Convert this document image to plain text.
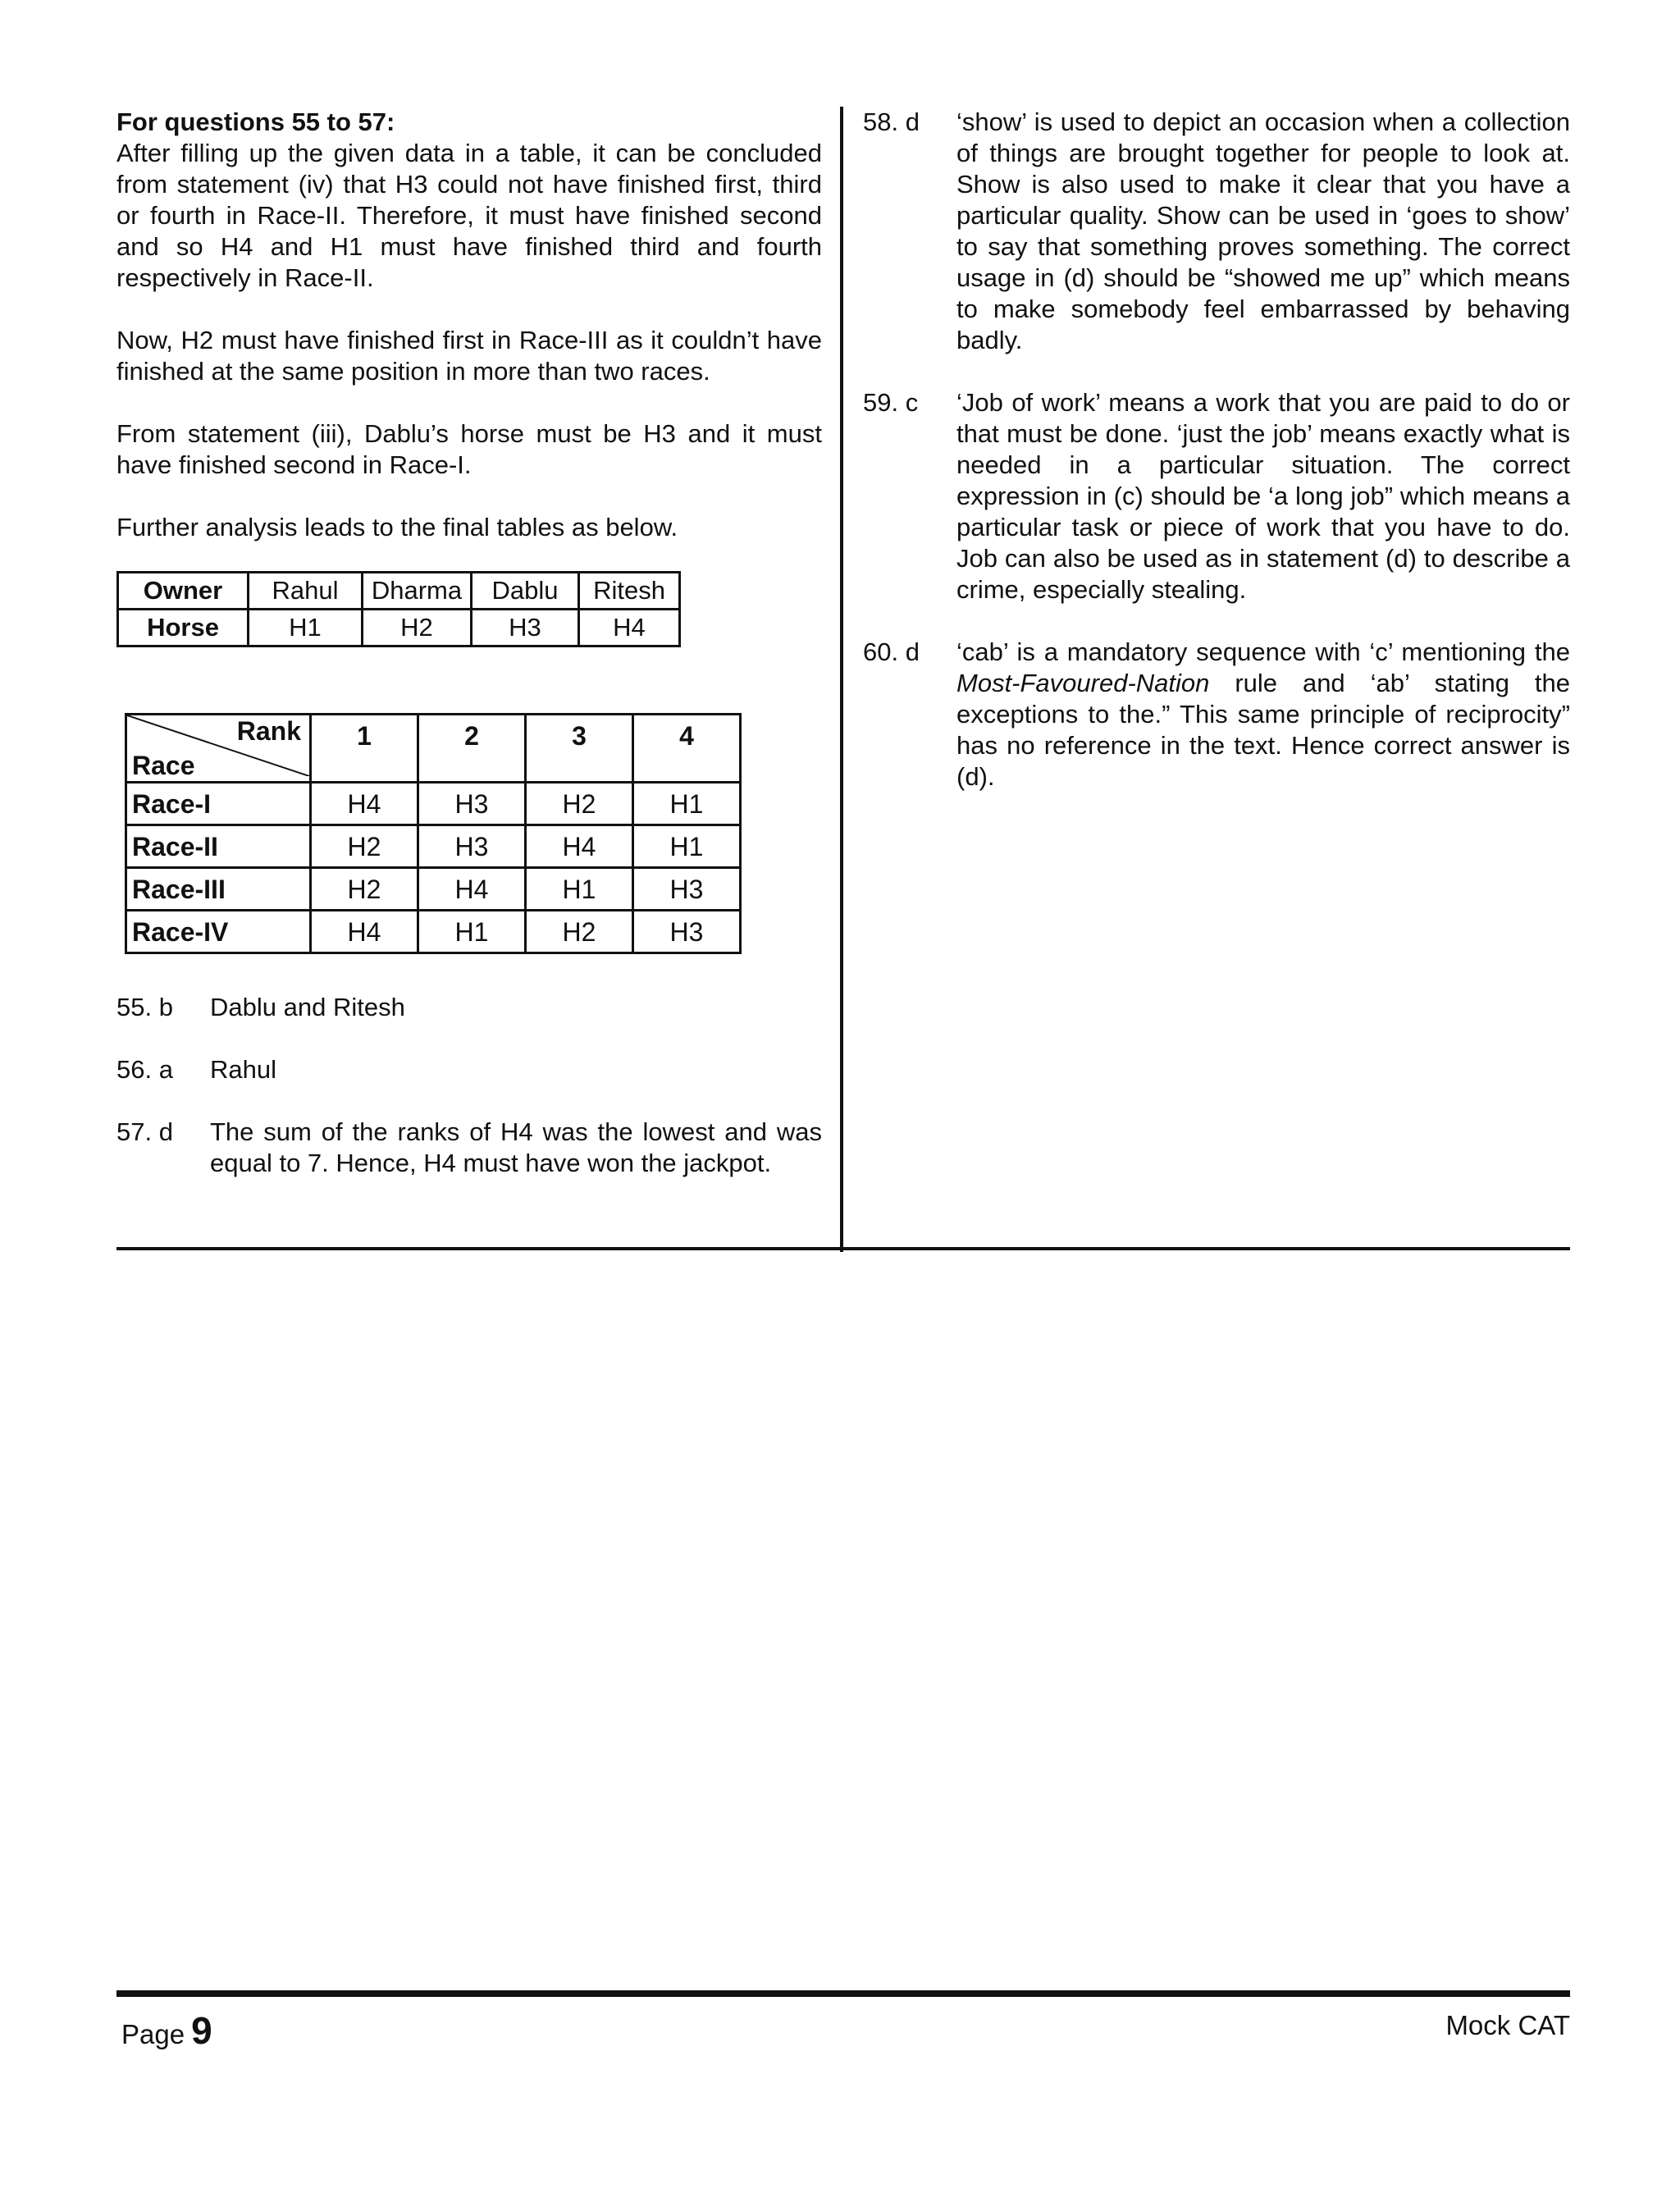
For questions 55 to 57:

After filling up the given data in a table, it can be concluded from statement (iv) that H3 could not have finished first, third or fourth in Race-II. Therefore, it must have finished second and so H4 and H1 must have finished third and fourth respectively in Race-II.

Now, H2 must have finished first in Race-III as it couldn’t have finished at the same position in more than two races.

From statement (iii), Dablu’s horse must be H3 and it must have finished second in Race-I.

Further analysis leads to the final tables as below.

Owner	Rahul	Dharma	Dablu	Ritesh
Horse	H1	H2	H3	H4
Rank
Race	1	2	3	4
Race-I	H4	H3	H2	H1
Race-II	H2	H3	H4	H1
Race-III	H2	H4	H1	H3
Race-IV	H4	H1	H2	H3
55. b	Dablu and Ritesh
56. a	Rahul
57. d	The sum of the ranks of H4 was the lowest and was equal to 7. Hence, H4 must have won the jackpot.
58. d	‘show’ is used to depict an occasion when a collection of things are brought together for people to look at. Show is also used to make it clear that you have a particular quality. Show can be used in ‘goes to show’ to say that something proves something. The correct usage in (d) should be “showed me up” which means to make somebody feel embarrassed by behaving badly.
59. c	‘Job of work’ means a work that you are paid to do or that must be done. ‘just the job’ means exactly what is needed in a particular situation. The correct expression in (c) should be ‘a long job” which means a particular task or piece of work that you have to do. Job can also be used as in statement (d) to describe a crime, especially stealing.
60. d	‘cab’ is a mandatory sequence with ‘c’ mentioning the Most-Favoured-Nation rule and ‘ab’ stating the exceptions to the.” This same principle of reciprocity” has no reference in the text. Hence correct answer is (d).
Page 9	Mock CAT
